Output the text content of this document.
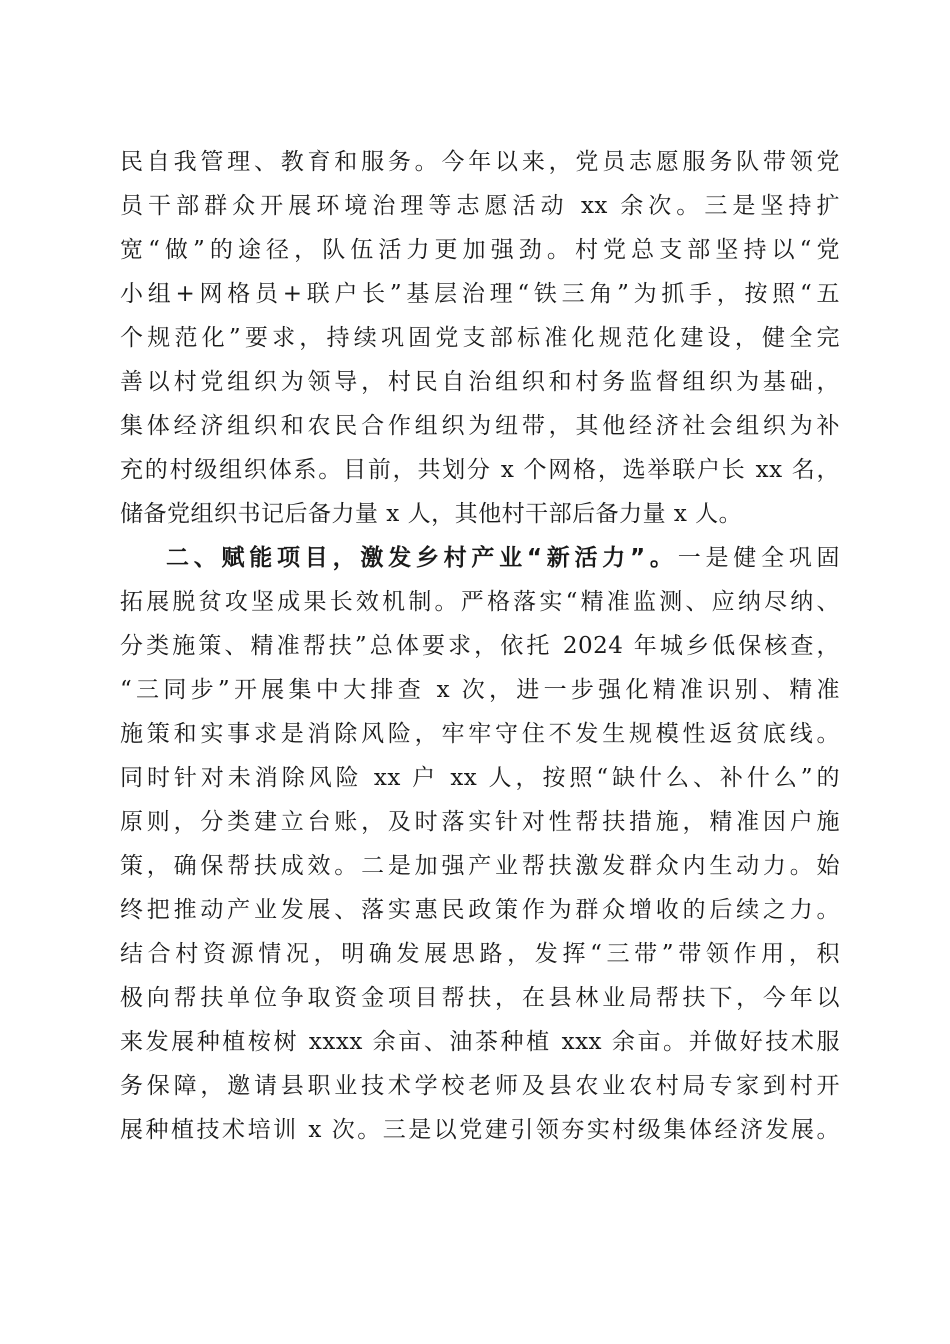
民自我管理、教育和服务。今年以来，党员志愿服务队带领党
员干部群众开展环境治理等志愿活动 xx 余次。三是坚持扩
宽“做”的途径，队伍活力更加强劲。村党总支部坚持以“党
小组+网格员+联户长”基层治理“铁三角”为抓手，按照“五
个规范化”要求，持续巩固党支部标准化规范化建设，健全完
善以村党组织为领导，村民自治组织和村务监督组织为基础，
集体经济组织和农民合作组织为纽带，其他经济社会组织为补
充的村级组织体系。目前，共划分 x 个网格，选举联户长 xx 名，
储备党组织书记后备力量 x 人，其他村干部后备力量 x 人。
二、赋能项目，激发乡村产业“新活力”。一是健全巩固
拓展脱贫攻坚成果长效机制。严格落实“精准监测、应纳尽纳、
分类施策、精准帮扶”总体要求，依托 2024 年城乡低保核查，
“三同步”开展集中大排查 x 次，进一步强化精准识别、精准
施策和实事求是消除风险，牢牢守住不发生规模性返贫底线。
同时针对未消除风险 xx 户 xx 人，按照“缺什么、补什么”的
原则，分类建立台账，及时落实针对性帮扶措施，精准因户施
策，确保帮扶成效。二是加强产业帮扶激发群众内生动力。始
终把推动产业发展、落实惠民政策作为群众增收的后续之力。
结合村资源情况，明确发展思路，发挥“三带”带领作用，积
极向帮扶单位争取资金项目帮扶，在县林业局帮扶下，今年以
来发展种植桉树 xxxx 余亩、油茶种植 xxx 余亩。并做好技术服
务保障，邀请县职业技术学校老师及县农业农村局专家到村开
展种植技术培训 x 次。三是以党建引领夯实村级集体经济发展。
